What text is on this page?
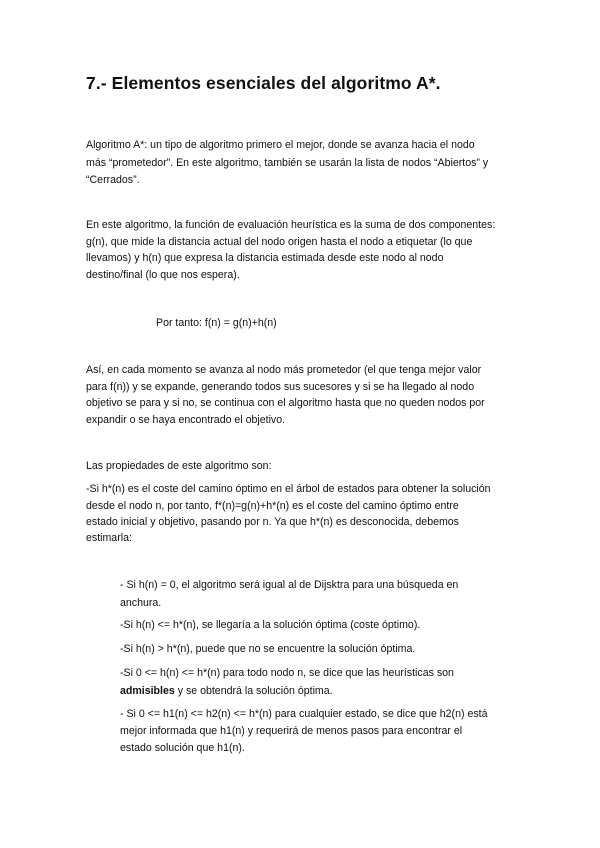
7.- Elementos esenciales del algoritmo A*.
Algoritmo A*: un tipo de algoritmo primero el mejor, donde se avanza hacia el nodo
más “prometedor”. En este algoritmo, también se usarán la lista de nodos “Abiertos” y
“Cerrados”.
En este algoritmo, la función de evaluación heurística es la suma de dos componentes:
g(n), que mide la distancia actual del nodo origen hasta el nodo a etiquetar (lo que
llevamos) y h(n) que expresa la distancia estimada desde este nodo al nodo
destino/final (lo que nos espera).
Por tanto: f(n) = g(n)+h(n)
Así, en cada momento se avanza al nodo más prometedor (el que tenga mejor valor
para f(n)) y se expande, generando todos sus sucesores y si se ha llegado al nodo
objetivo se para y si no, se continua con el algoritmo hasta que no queden nodos por
expandir o se haya encontrado el objetivo.
Las propiedades de este algoritmo son:
-Si h*(n) es el coste del camino óptimo en el árbol de estados para obtener la solución
desde el nodo n, por tanto, f*(n)=g(n)+h*(n) es el coste del camino óptimo entre
estado inicial y objetivo, pasando por n. Ya que h*(n) es desconocida, debemos
estimarla:
- Si h(n) = 0, el algoritmo será igual al de Dijsktra para una búsqueda en
anchura.
-Si h(n) <= h*(n), se llegaría a la solución óptima (coste óptimo).
-Si h(n) > h*(n), puede que no se encuentre la solución óptima.
-Si 0 <= h(n) <= h*(n) para todo nodo n, se dice que las heurísticas son
admisibles y se obtendrá la solución óptima.
- Si 0 <= h1(n) <= h2(n) <= h*(n) para cualquier estado, se dice que h2(n) está
mejor informada que h1(n) y requerirá de menos pasos para encontrar el
estado solución que h1(n).
